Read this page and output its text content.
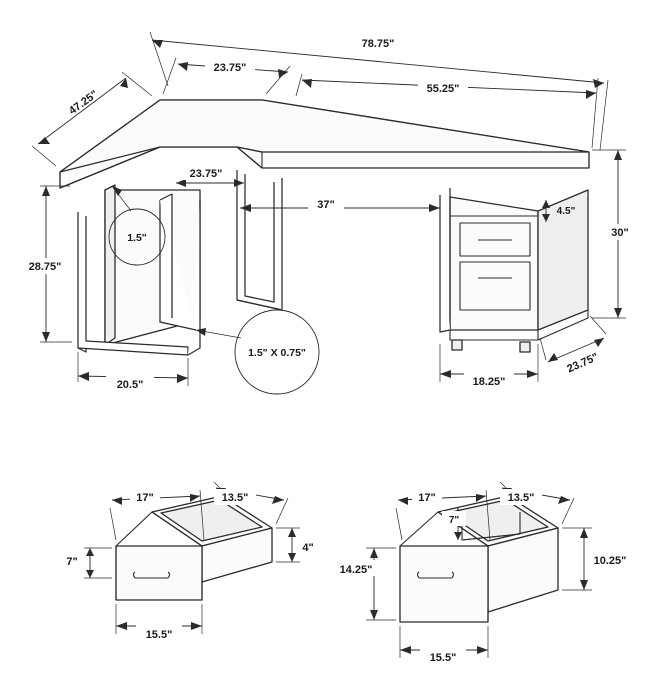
78.75"
47.25"
23.75"
55.25"
23.75"
23.75"
37"
1.5"
1.5" X 0.75"
28.75"
20.5"	18.25"
4.5"
30"
17"	13.5"
7"
4"
15.5"
17"	13.5"
7"
14.25"
10.25"
15.5"
